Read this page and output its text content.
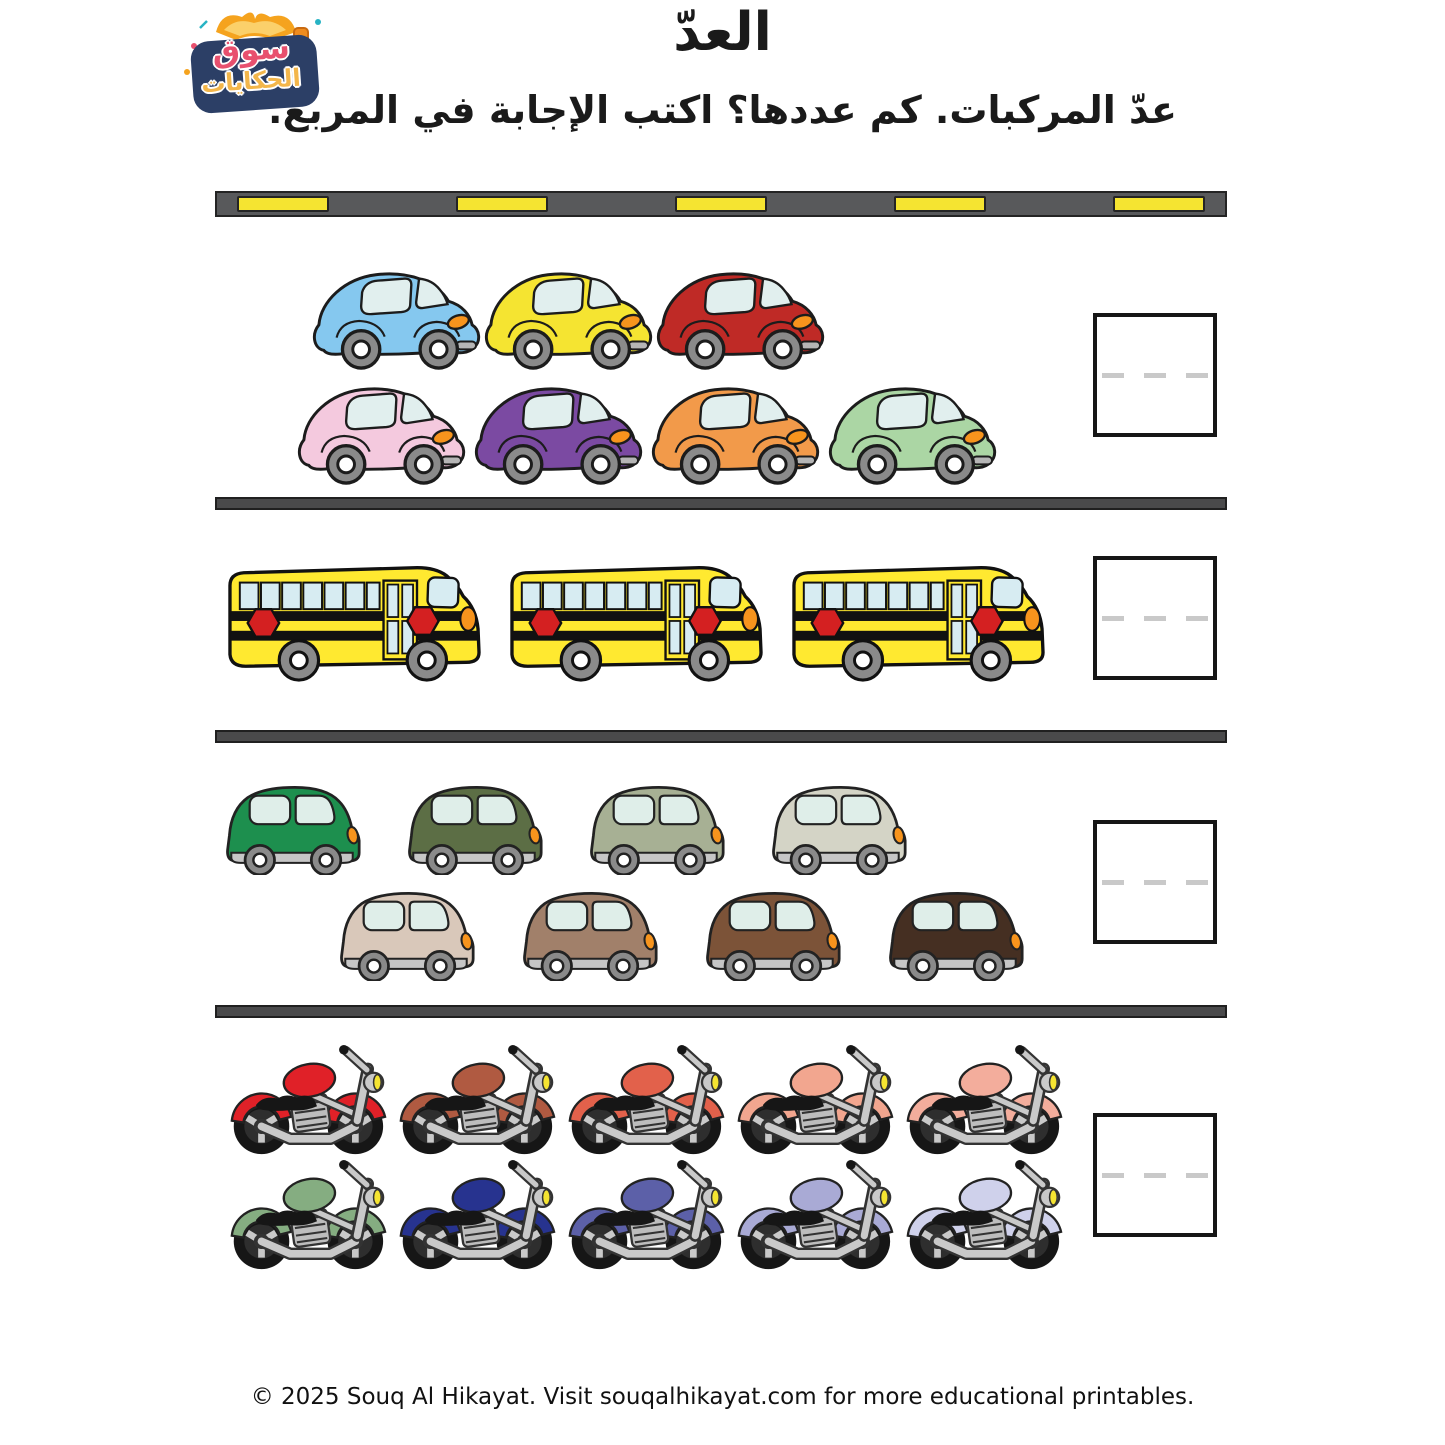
سوق
الحكايات
العدّ

عدّ المركبات. كم عددها؟ اكتب الإجابة في المربع.

© 2025 Souq Al Hikayat. Visit souqalhikayat.com for more educational printables.
